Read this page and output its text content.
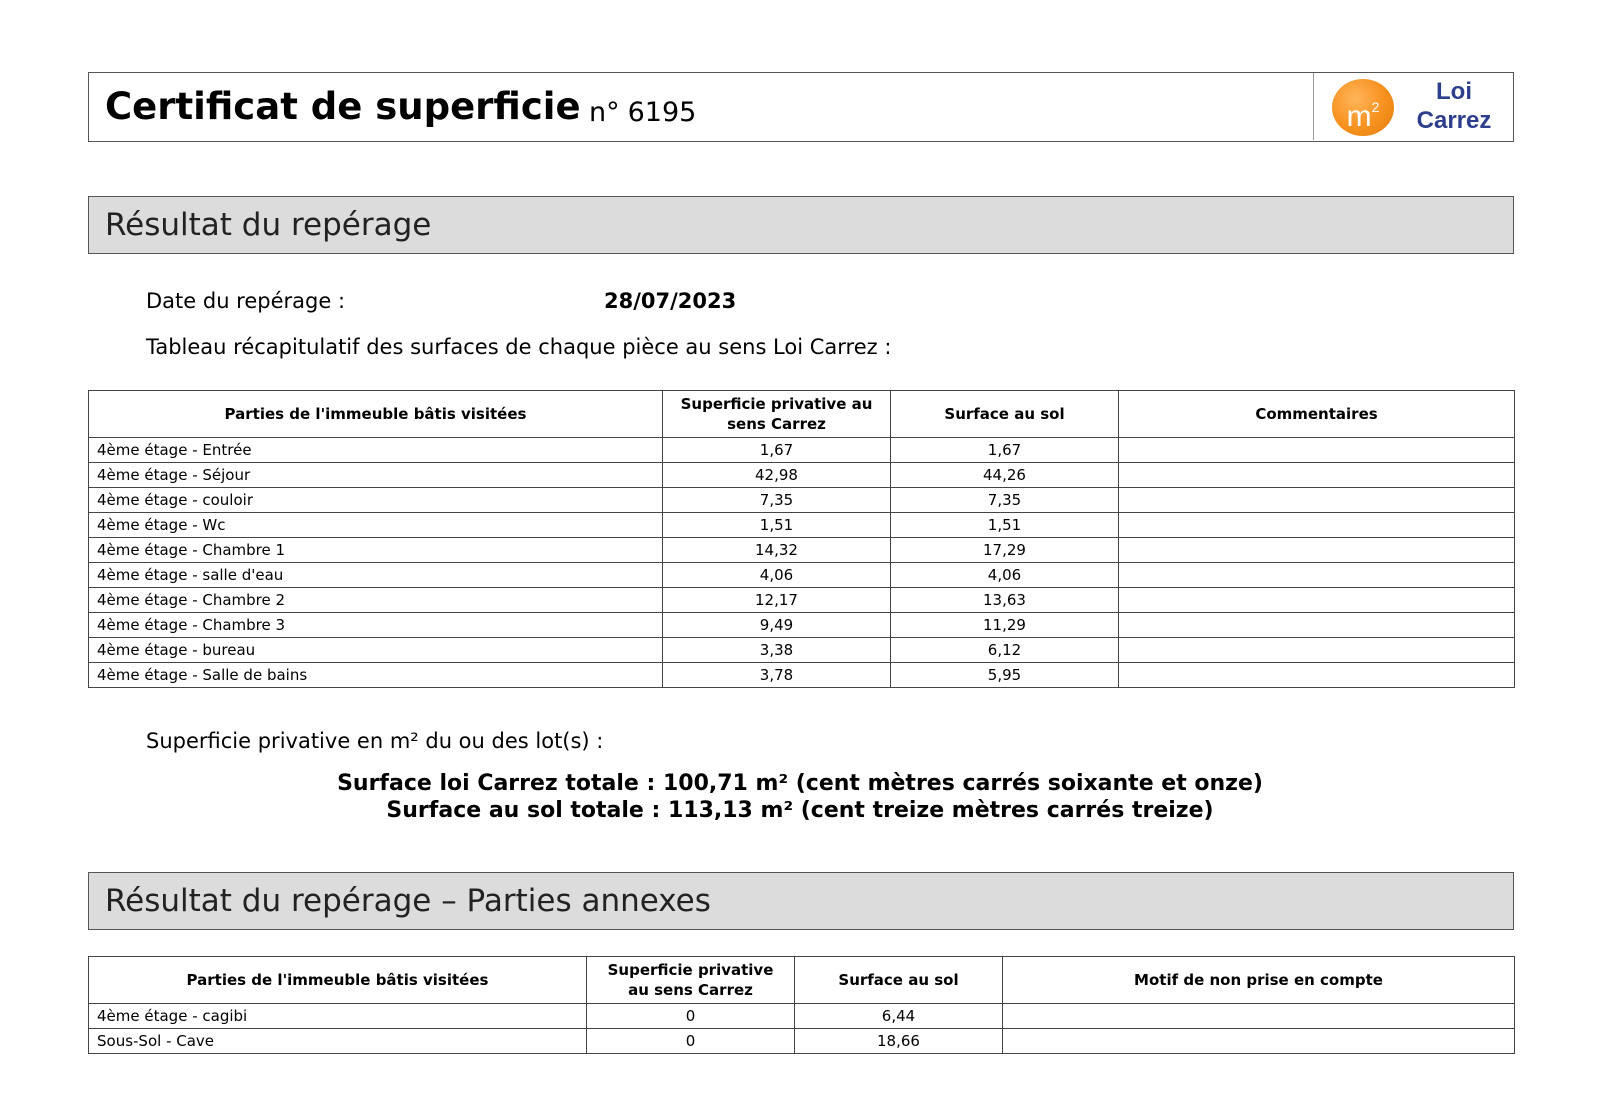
Certificat de superficie n° 6195	$m^2$
Loi
Carrez
Résultat du repérage
Date du repérage :	28/07/2023
Tableau récapitulatif des surfaces de chaque pièce au sens Loi Carrez :
Parties de l'immeuble bâtis visitées	Superficie privative au sens Carrez	Surface au sol	Commentaires
4ème étage - Entrée	1,67	1,67	
4ème étage - Séjour	42,98	44,26	
4ème étage - couloir	7,35	7,35	
4ème étage - Wc	1,51	1,51	
4ème étage - Chambre 1	14,32	17,29	
4ème étage - salle d'eau	4,06	4,06	
4ème étage - Chambre 2	12,17	13,63	
4ème étage - Chambre 3	9,49	11,29	
4ème étage - bureau	3,38	6,12	
4ème étage - Salle de bains	3,78	5,95	
Superficie privative en m² du ou des lot(s) :
Surface loi Carrez totale : 100,71 m² (cent mètres carrés soixante et onze)
Surface au sol totale : 113,13 m² (cent treize mètres carrés treize)
Résultat du repérage – Parties annexes
Parties de l'immeuble bâtis visitées	Superficie privative au sens Carrez	Surface au sol	Motif de non prise en compte
4ème étage - cagibi	0	6,44	
Sous-Sol - Cave	0	18,66	
